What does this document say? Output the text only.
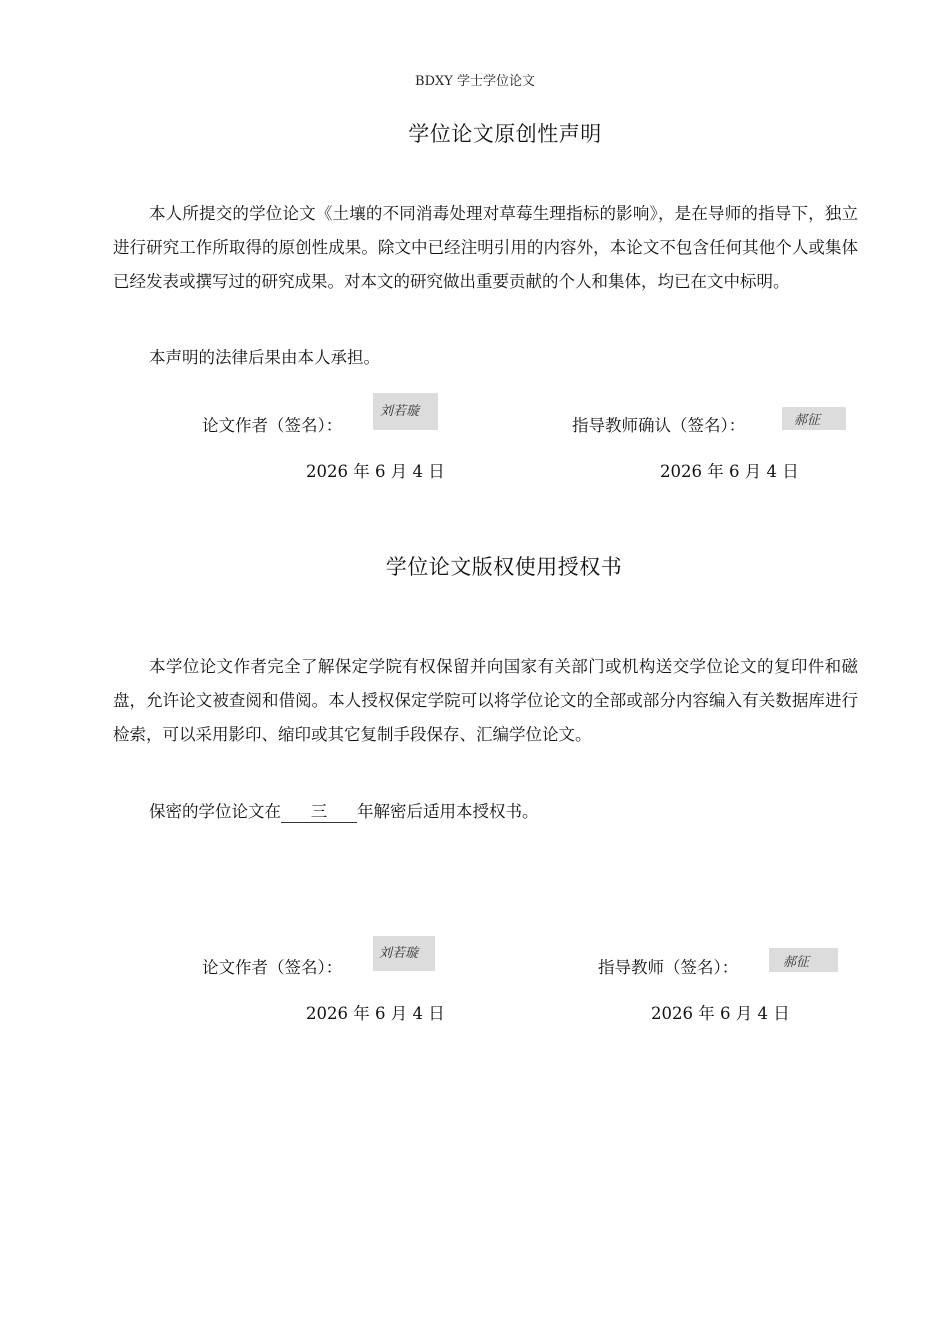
BDXY 学士学位论文
学位论文原创性声明

本人所提交的学位论文《土壤的不同消毒处理对草莓生理指标的影响》，是在导师的指导下，独立进行研究工作所取得的原创性成果。除文中已经注明引用的内容外，本论文不包含任何其他个人或集体已经发表或撰写过的研究成果。对本文的研究做出重要贡献的个人和集体，均已在文中标明。

本声明的法律后果由本人承担。

论文作者（签名）：
刘若璇
指导教师确认（签名）：	郝征
2026 年 6 月 4 日	2026 年 6 月 4 日
学位论文版权使用授权书

本学位论文作者完全了解保定学院有权保留并向国家有关部门或机构送交学位论文的复印件和磁盘，允许论文被查阅和借阅。本人授权保定学院可以将学位论文的全部或部分内容编入有关数据库进行检索，可以采用影印、缩印或其它复制手段保存、汇编学位论文。

保密的学位论文在 三 年解密后适用本授权书。

论文作者（签名）：
刘若璇
指导教师（签名）：	郝征
2026 年 6 月 4 日	2026 年 6 月 4 日
